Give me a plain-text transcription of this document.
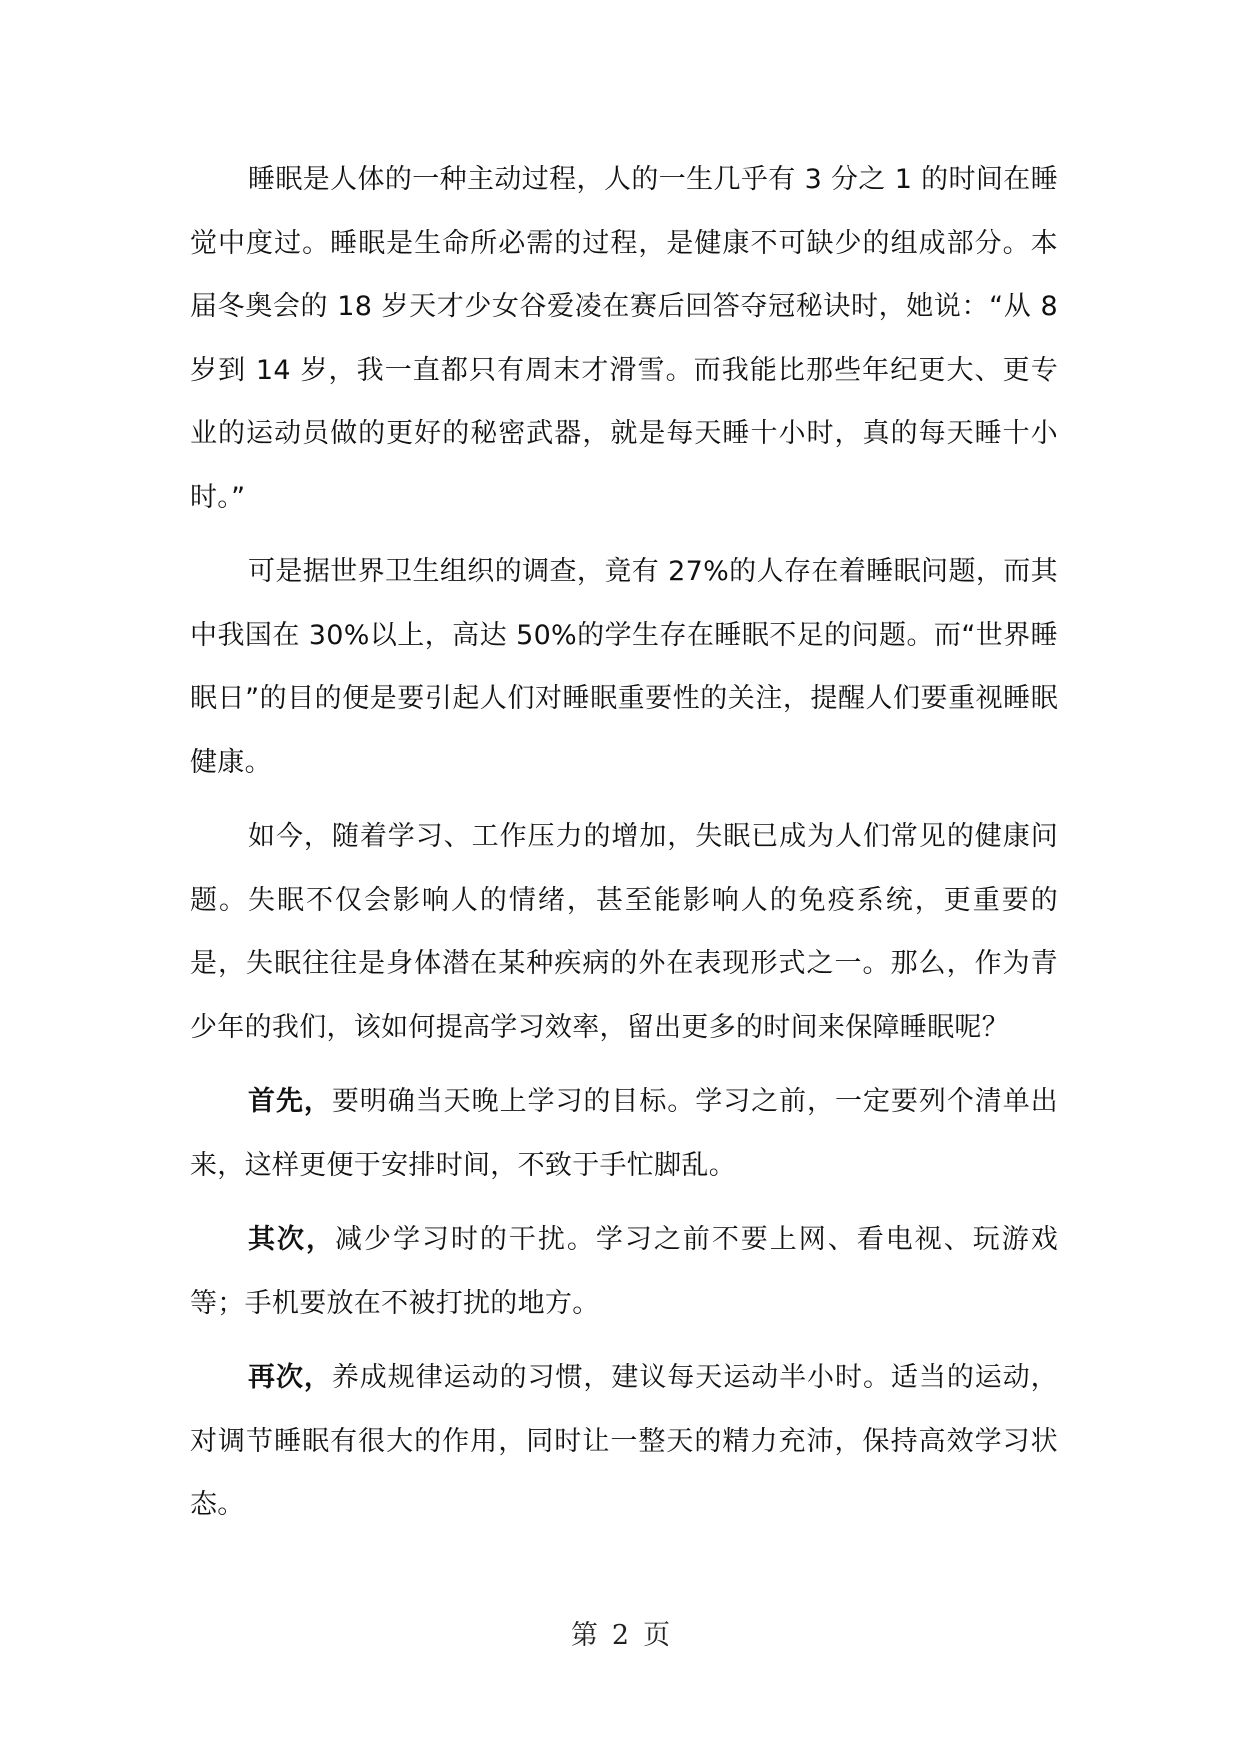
睡眠是人体的一种主动过程，人的一生几乎有 3 分之 1 的时间在睡觉中度过。睡眠是生命所必需的过程，是健康不可缺少的组成部分。本届冬奥会的 18 岁天才少女谷爱凌在赛后回答夺冠秘诀时，她说：“从 8 岁到 14 岁，我一直都只有周末才滑雪。而我能比那些年纪更大、更专业的运动员做的更好的秘密武器，就是每天睡十小时，真的每天睡十小时。”

可是据世界卫生组织的调查，竟有 27%的人存在着睡眠问题，而其中我国在 30%以上，高达 50%的学生存在睡眠不足的问题。而“世界睡眠日”的目的便是要引起人们对睡眠重要性的关注，提醒人们要重视睡眠健康。

如今，随着学习、工作压力的增加，失眠已成为人们常见的健康问题。失眠不仅会影响人的情绪，甚至能影响人的免疫系统，更重要的是，失眠往往是身体潜在某种疾病的外在表现形式之一。那么，作为青少年的我们，该如何提高学习效率，留出更多的时间来保障睡眠呢？

首先，要明确当天晚上学习的目标。学习之前，一定要列个清单出来，这样更便于安排时间，不致于手忙脚乱。

其次，减少学习时的干扰。学习之前不要上网、看电视、玩游戏等；手机要放在不被打扰的地方。

再次，养成规律运动的习惯，建议每天运动半小时。适当的运动，对调节睡眠有很大的作用，同时让一整天的精力充沛，保持高效学习状态。

第 2 页
